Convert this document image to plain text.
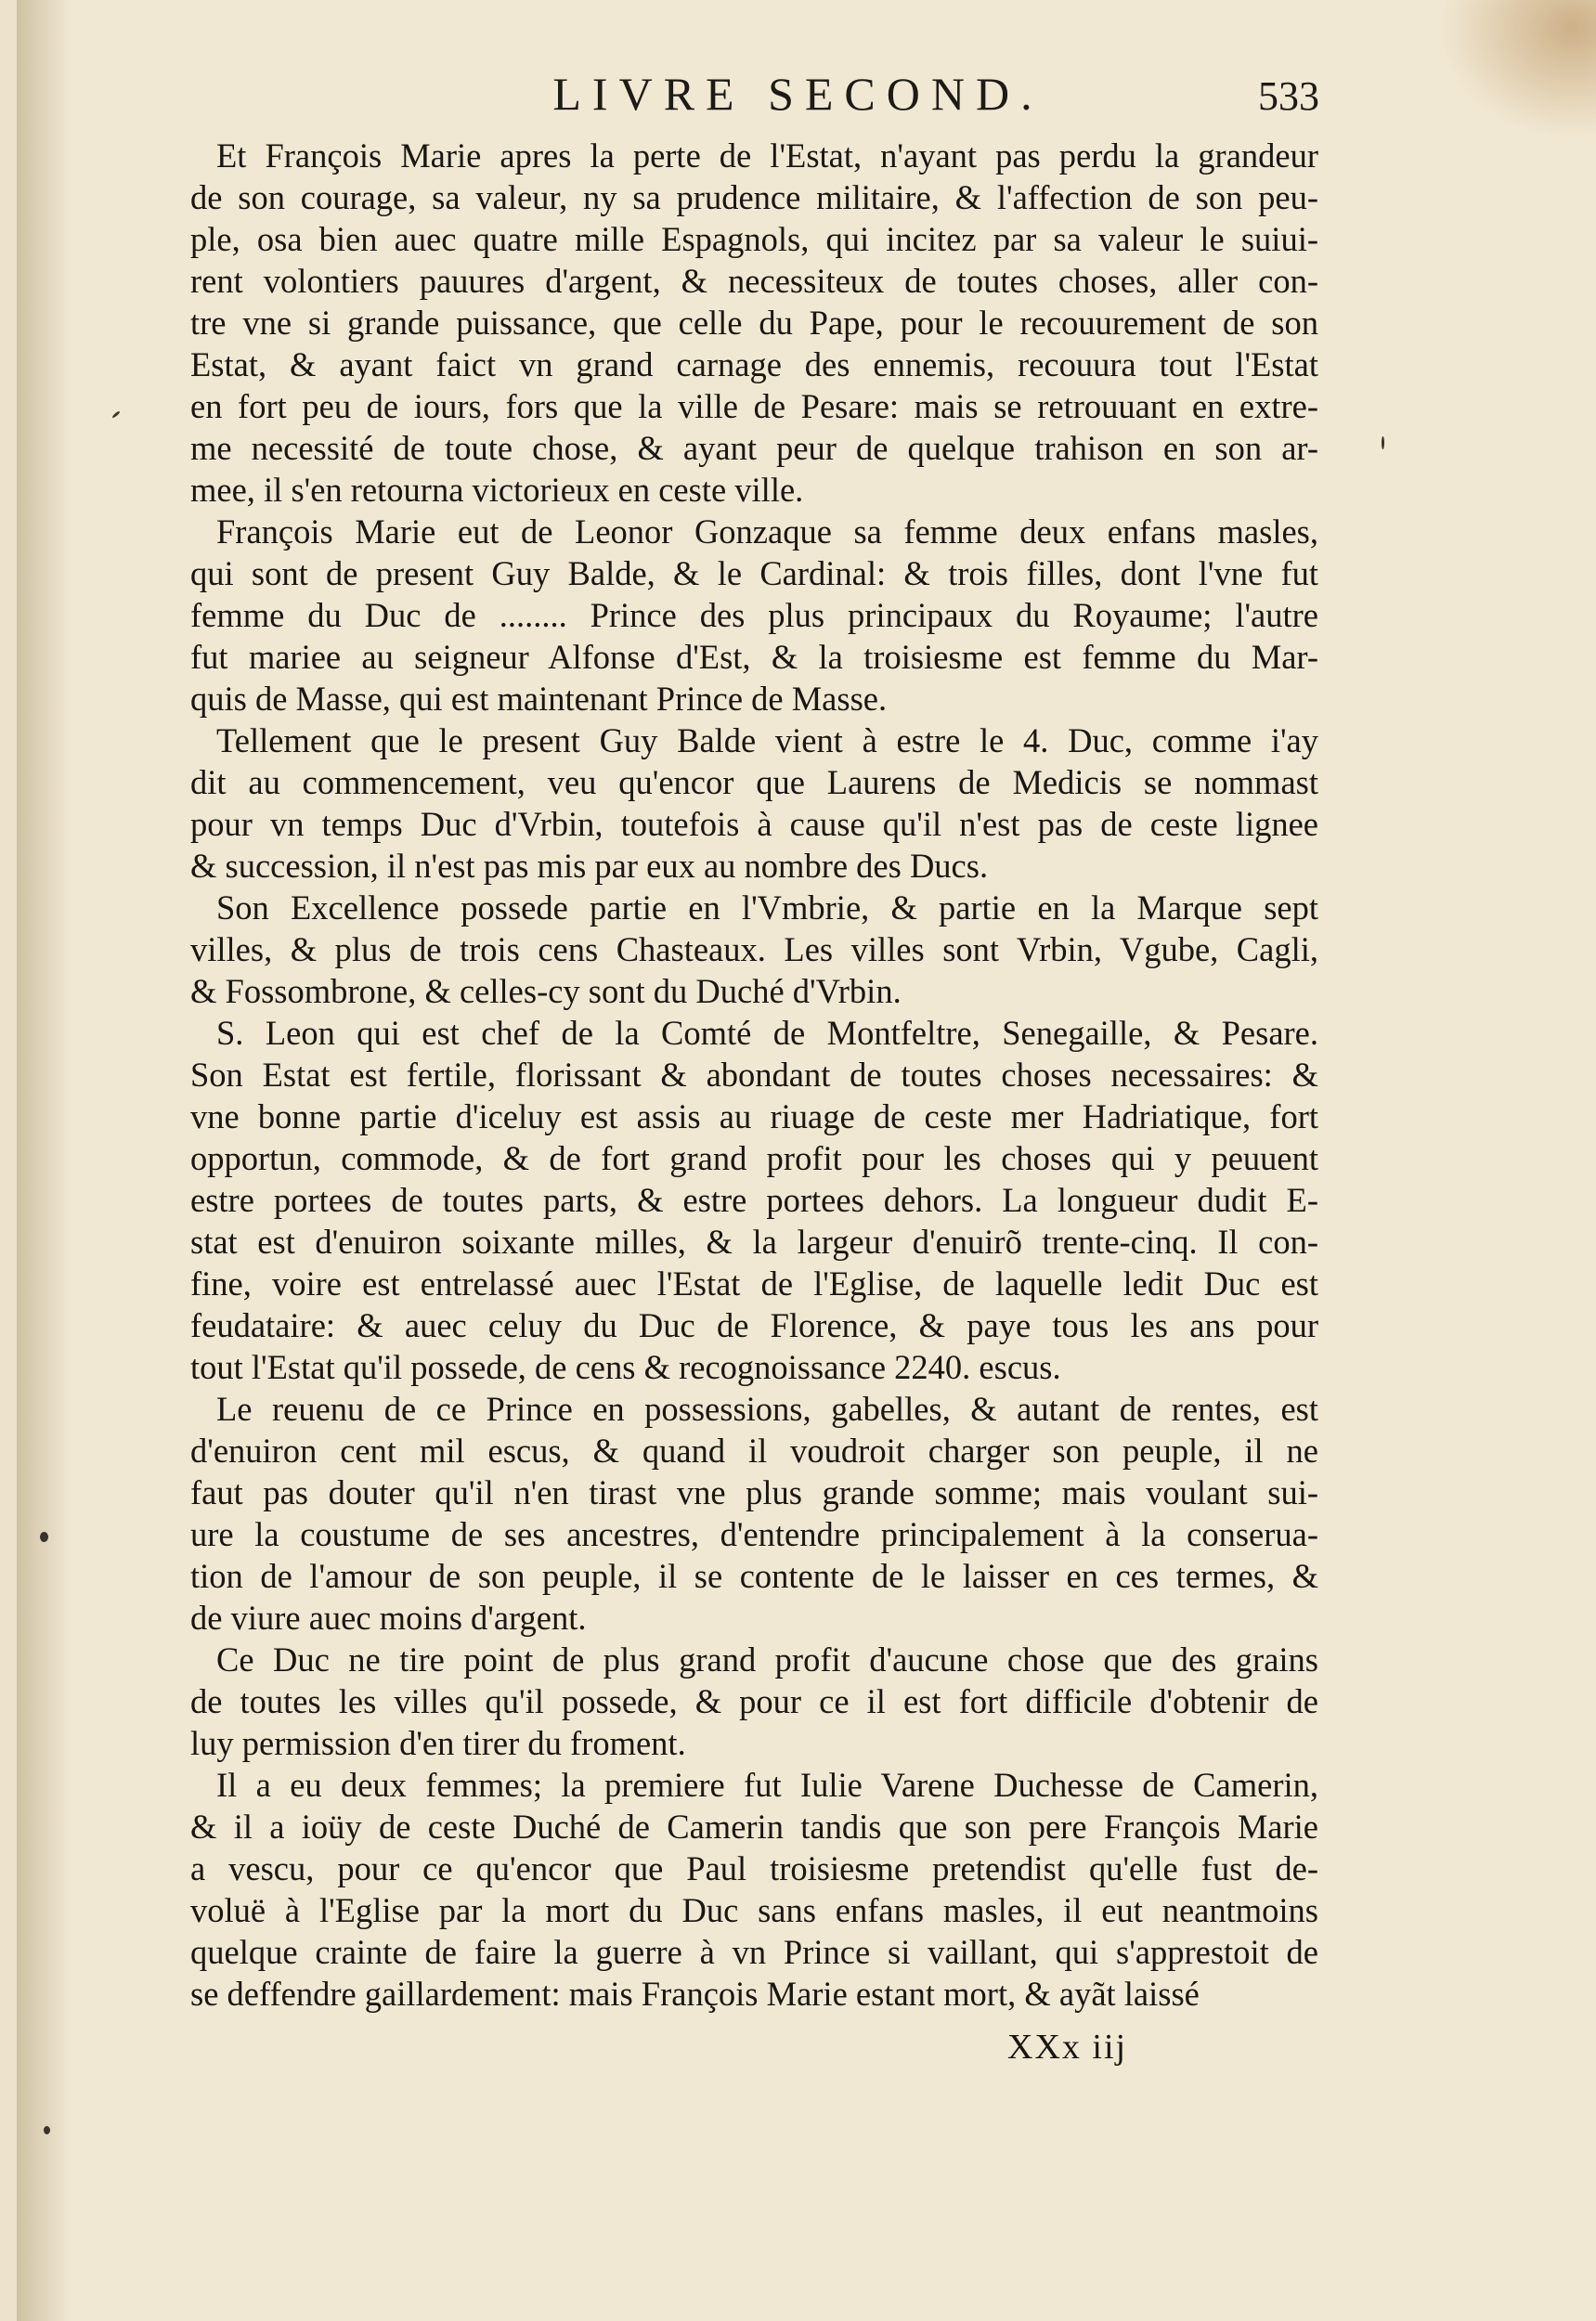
LIVRE SECOND.	533

Et François Marie apres la perte de l'Estat, n'ayant pas perdu la grandeur
de son courage, sa valeur, ny sa prudence militaire, & l'affection de son peu-
ple, osa bien auec quatre mille Espagnols, qui incitez par sa valeur le suiui-
rent volontiers pauures d'argent, & necessiteux de toutes choses, aller con-
tre vne si grande puissance, que celle du Pape, pour le recouurement de son
Estat, & ayant faict vn grand carnage des ennemis, recouura tout l'Estat
en fort peu de iours, fors que la ville de Pesare: mais se retrouuant en extre-
me necessité de toute chose, & ayant peur de quelque trahison en son ar-
mee, il s'en retourna victorieux en ceste ville.

François Marie eut de Leonor Gonzaque sa femme deux enfans masles,
qui sont de present Guy Balde, & le Cardinal: & trois filles, dont l'vne fut
femme du Duc de ........ Prince des plus principaux du Royaume; l'autre
fut mariee au seigneur Alfonse d'Est, & la troisiesme est femme du Mar-
quis de Masse, qui est maintenant Prince de Masse.

Tellement que le present Guy Balde vient à estre le 4. Duc, comme i'ay
dit au commencement, veu qu'encor que Laurens de Medicis se nommast
pour vn temps Duc d'Vrbin, toutefois à cause qu'il n'est pas de ceste lignee
& succession, il n'est pas mis par eux au nombre des Ducs.

Son Excellence possede partie en l'Vmbrie, & partie en la Marque sept
villes, & plus de trois cens Chasteaux. Les villes sont Vrbin, Vgube, Cagli,
& Fossombrone, & celles-cy sont du Duché d'Vrbin.

S. Leon qui est chef de la Comté de Montfeltre, Senegaille, & Pesare.
Son Estat est fertile, florissant & abondant de toutes choses necessaires: &
vne bonne partie d'iceluy est assis au riuage de ceste mer Hadriatique, fort
opportun, commode, & de fort grand profit pour les choses qui y peuuent
estre portees de toutes parts, & estre portees dehors. La longueur dudit E-
stat est d'enuiron soixante milles, & la largeur d'enuirõ trente-cinq. Il con-
fine, voire est entrelassé auec l'Estat de l'Eglise, de laquelle ledit Duc est
feudataire: & auec celuy du Duc de Florence, & paye tous les ans pour
tout l'Estat qu'il possede, de cens & recognoissance 2240. escus.

Le reuenu de ce Prince en possessions, gabelles, & autant de rentes, est
d'enuiron cent mil escus, & quand il voudroit charger son peuple, il ne
faut pas douter qu'il n'en tirast vne plus grande somme; mais voulant sui-
ure la coustume de ses ancestres, d'entendre principalement à la conserua-
tion de l'amour de son peuple, il se contente de le laisser en ces termes, &
de viure auec moins d'argent.

Ce Duc ne tire point de plus grand profit d'aucune chose que des grains
de toutes les villes qu'il possede, & pour ce il est fort difficile d'obtenir de
luy permission d'en tirer du froment.

Il a eu deux femmes; la premiere fut Iulie Varene Duchesse de Camerin,
& il a ioüy de ceste Duché de Camerin tandis que son pere François Marie
a vescu, pour ce qu'encor que Paul troisiesme pretendist qu'elle fust de-
voluë à l'Eglise par la mort du Duc sans enfans masles, il eut neantmoins
quelque crainte de faire la guerre à vn Prince si vaillant, qui s'apprestoit de
se deffendre gaillardement: mais François Marie estant mort, & ayãt laissé

XXx iij
